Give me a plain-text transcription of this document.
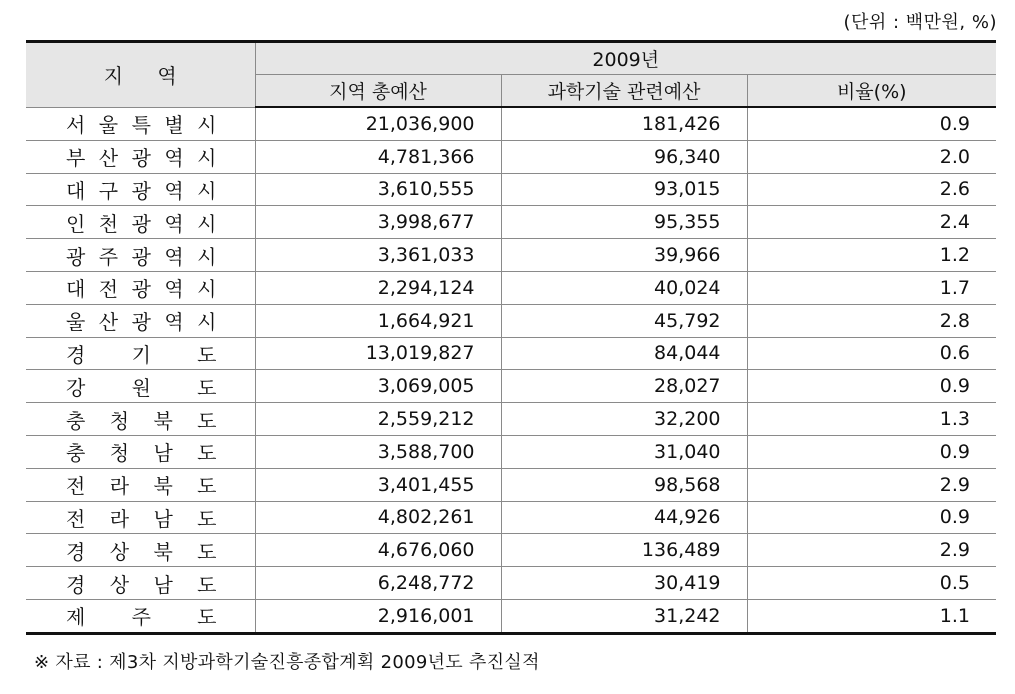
(단위 : 백만원, %)
지 역	2009년		
	지역 총예산	과학기술 관련예산	비율(%)
서 울 특 별 시	21,036,900	181,426	0.9
부 산 광 역 시	4,781,366	96,340	2.0
대 구 광 역 시	3,610,555	93,015	2.6
인 천 광 역 시	3,998,677	95,355	2.4
광 주 광 역 시	3,361,033	39,966	1.2
대 전 광 역 시	2,294,124	40,024	1.7
울 산 광 역 시	1,664,921	45,792	2.8
경 기 도	13,019,827	84,044	0.6
강 원 도	3,069,005	28,027	0.9
충 청 북 도	2,559,212	32,200	1.3
충 청 남 도	3,588,700	31,040	0.9
전 라 북 도	3,401,455	98,568	2.9
전 라 남 도	4,802,261	44,926	0.9
경 상 북 도	4,676,060	136,489	2.9
경 상 남 도	6,248,772	30,419	0.5
제 주 도	2,916,001	31,242	1.1
※ 자료 : 제3차 지방과학기술진흥종합계획 2009년도 추진실적
